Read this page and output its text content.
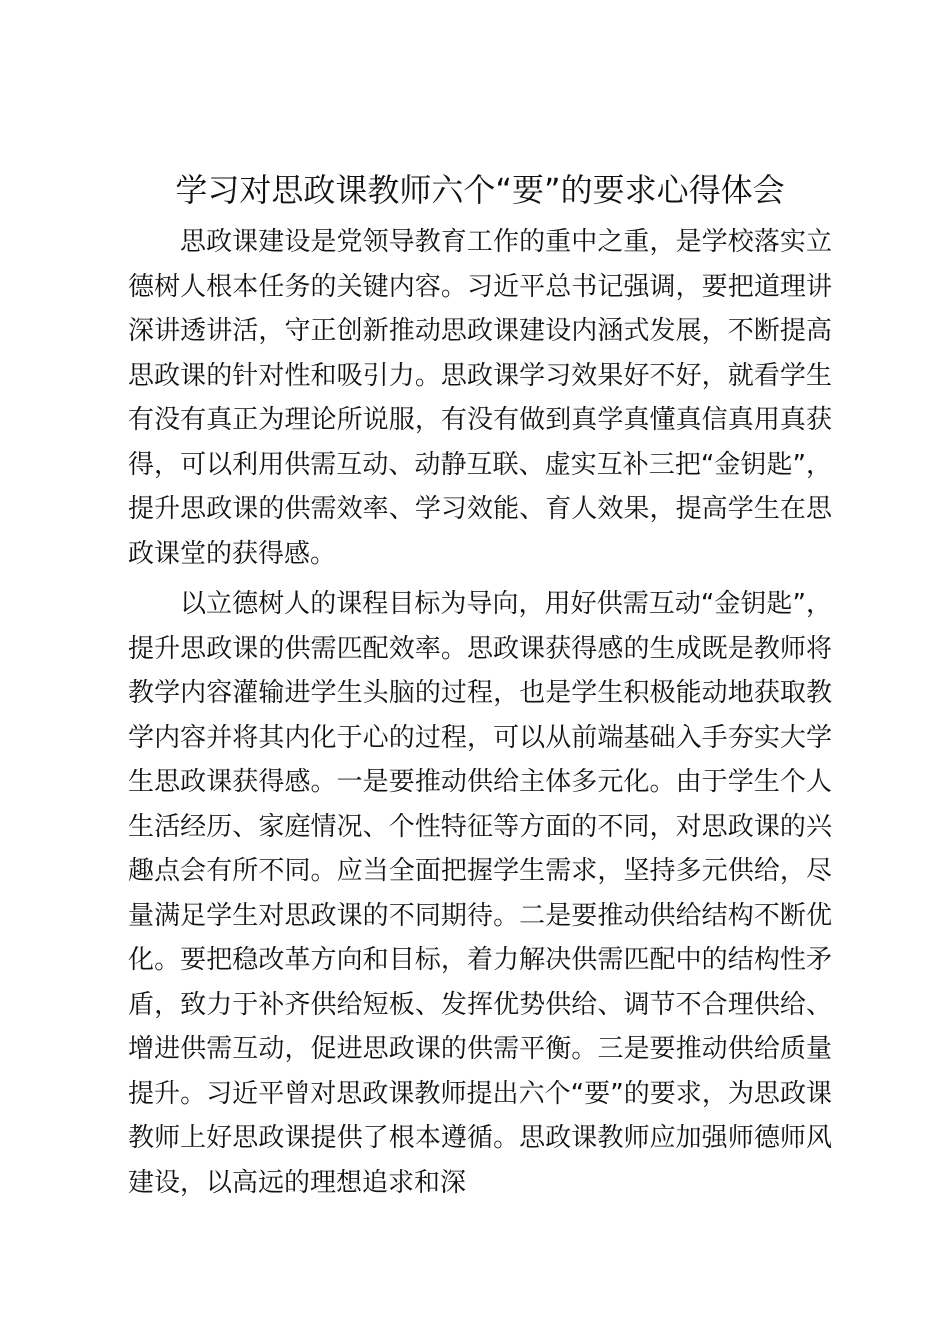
学习对思政课教师六个“要”的要求心得体会

思政课建设是党领导教育工作的重中之重，是学校落实立德树人根本任务的关键内容。习近平总书记强调，要把道理讲深讲透讲活，守正创新推动思政课建设内涵式发展，不断提高思政课的针对性和吸引力。思政课学习效果好不好，就看学生有没有真正为理论所说服，有没有做到真学真懂真信真用真获得，可以利用供需互动、动静互联、虚实互补三把“金钥匙”，提升思政课的供需效率、学习效能、育人效果，提高学生在思政课堂的获得感。

以立德树人的课程目标为导向，用好供需互动“金钥匙”，提升思政课的供需匹配效率。思政课获得感的生成既是教师将教学内容灌输进学生头脑的过程，也是学生积极能动地获取教学内容并将其内化于心的过程，可以从前端基础入手夯实大学生思政课获得感。一是要推动供给主体多元化。由于学生个人生活经历、家庭情况、个性特征等方面的不同，对思政课的兴趣点会有所不同。应当全面把握学生需求，坚持多元供给，尽量满足学生对思政课的不同期待。二是要推动供给结构不断优化。要把稳改革方向和目标，着力解决供需匹配中的结构性矛盾，致力于补齐供给短板、发挥优势供给、调节不合理供给、增进供需互动，促进思政课的供需平衡。三是要推动供给质量提升。习近平曾对思政课教师提出六个“要”的要求，为思政课教师上好思政课提供了根本遵循。思政课教师应加强师德师风建设，以高远的理想追求和深
